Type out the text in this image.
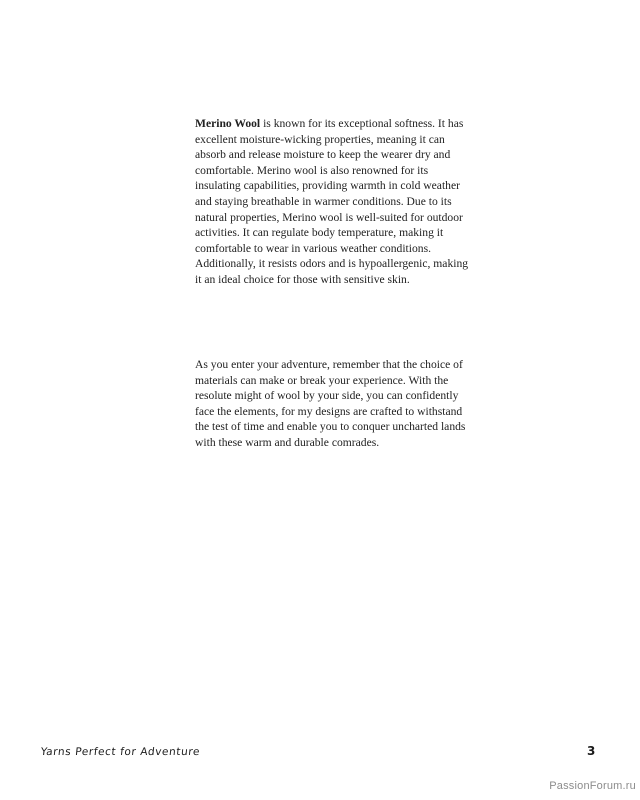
Merino Wool is known for its exceptional softness. It has excellent moisture-wicking properties, meaning it can absorb and release moisture to keep the wearer dry and comfortable. Merino wool is also renowned for its insulating capabilities, providing warmth in cold weather and staying breathable in warmer conditions. Due to its natural properties, Merino wool is well-suited for outdoor activities. It can regulate body temperature, making it comfortable to wear in various weather conditions. Additionally, it resists odors and is hypoallergenic, making it an ideal choice for those with sensitive skin.

As you enter your adventure, remember that the choice of materials can make or break your experience. With the resolute might of wool by your side, you can confidently face the elements, for my designs are crafted to withstand the test of time and enable you to conquer uncharted lands with these warm and durable comrades.

Yarns Perfect for Adventure	3
PassionForum.ru
